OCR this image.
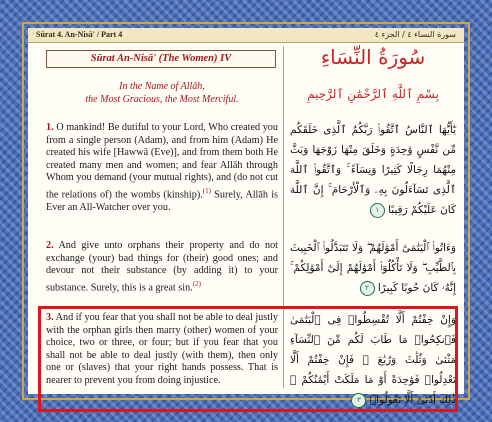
Sūrat 4. An-Nisā' / Part 4	سورة النساء ٤ / الجزء ٤
Sūrat An-Nisā' (The Women) IV	سُورَةُ النِّسَاءِ
In the Name of Allāh,
the Most Gracious, the Most Merciful.	بِسْمِ ٱللَّهِ ٱلرَّحْمَٰنِ ٱلرَّحِيمِ
1. O mankind! Be dutiful to your Lord, Who created you from a single person (Adam), and from him (Adam) He created his wife [Hawwā (Eve)], and from them both He created many men and women; and fear Allāh through Whom you demand (your mutual rights), and (do not cut the relations of) the wombs (kinship).$^{(1)}$ Surely, Allāh is Ever an All-Watcher over you.
يَٰٓأَيُّهَا ٱلنَّاسُ ٱتَّقُوا۟ رَبَّكُمُ ٱلَّذِى خَلَقَكُم مِّن نَّفْسٍ وَٰحِدَةٍ وَخَلَقَ مِنْهَا زَوْجَهَا وَبَثَّ مِنْهُمَا رِجَالًا كَثِيرًا وَنِسَآءً ۚ وَٱتَّقُوا۟ ٱللَّهَ ٱلَّذِى تَسَآءَلُونَ بِهِۦ وَٱلْأَرْحَامَ ۚ إِنَّ ٱللَّهَ كَانَ عَلَيْكُمْ رَقِيبًا ١
2. And give unto orphans their property and do not exchange (your) bad things for (their) good ones; and devour not their substance (by adding it) to your substance. Surely, this is a great sin.$^{(2)}$
وَءَاتُوا۟ ٱلْيَتَٰمَىٰٓ أَمْوَٰلَهُمْ ۖ وَلَا تَتَبَدَّلُوا۟ ٱلْخَبِيثَ بِٱلطَّيِّبِ ۖ وَلَا تَأْكُلُوٓا۟ أَمْوَٰلَهُمْ إِلَىٰٓ أَمْوَٰلِكُمْ ۚ إِنَّهُۥ كَانَ حُوبًا كَبِيرًا ٢
3. And if you fear that you shall not be able to deal justly with the orphan girls then marry (other) women of your choice, two or three, or four; but if you fear that you shall not be able to deal justly (with them), then only one or (slaves) that your right hands possess. That is nearer to prevent you from doing injustice.
وَإِنْ خِفْتُمْ أَلَّا تُقْسِطُوا۟ فِى ٱلْيَتَٰمَىٰ فَٱنكِحُوا۟ مَا طَابَ لَكُم مِّنَ ٱلنِّسَآءِ مَثْنَىٰ وَثُلَٰثَ وَرُبَٰعَ ۖ فَإِنْ خِفْتُمْ أَلَّا تَعْدِلُوا۟ فَوَٰحِدَةً أَوْ مَا مَلَكَتْ أَيْمَٰنُكُمْ ۚ ذَٰلِكَ أَدْنَىٰٓ أَلَّا تَعُولُوا۟ ٣
